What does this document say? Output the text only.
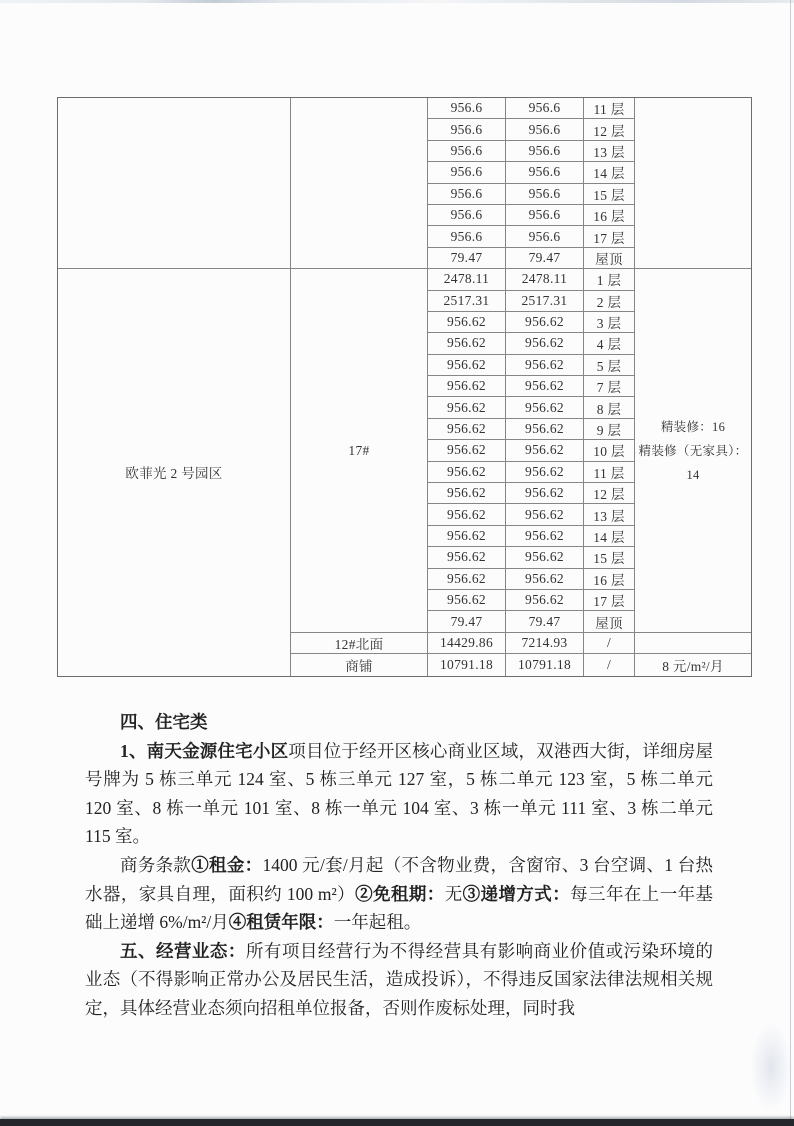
欧菲光 2 号园区
17#
12#北面
商铺
956.6
956.6
956.6
956.6
956.6
956.6
956.6
79.47
2478.11
2517.31
956.62
956.62
956.62
956.62
956.62
956.62
956.62
956.62
956.62
956.62
956.62
956.62
956.62
956.62
79.47
14429.86
10791.18
956.6
956.6
956.6
956.6
956.6
956.6
956.6
79.47
2478.11
2517.31
956.62
956.62
956.62
956.62
956.62
956.62
956.62
956.62
956.62
956.62
956.62
956.62
956.62
956.62
79.47
7214.93
10791.18
11 层
12 层
13 层
14 层
15 层
16 层
17 层
屋顶
1 层
2 层
3 层
4 层
5 层
7 层
8 层
9 层
10 层
11 层
12 层
13 层
14 层
15 层
16 层
17 层
屋顶
/
/
精装修：16
精装修（无家具）：
14
8 元/m²/月

四、住宅类

1、南天金源住宅小区项目位于经开区核心商业区域，双港西大街，详细房屋号牌为 5 栋三单元 124 室、5 栋三单元 127 室，5 栋二单元 123 室，5 栋二单元 120 室、8 栋一单元 101 室、8 栋一单元 104 室、3 栋一单元 111 室、3 栋二单元 115 室。

商务条款①租金：1400 元/套/月起（不含物业费，含窗帘、3 台空调、1 台热水器，家具自理，面积约 100 m²）②免租期：无③递增方式：每三年在上一年基础上递增 6%/m²/月④租赁年限：一年起租。

五、经营业态：所有项目经营行为不得经营具有影响商业价值或污染环境的业态（不得影响正常办公及居民生活，造成投诉），不得违反国家法律法规相关规定，具体经营业态须向招租单位报备，否则作废标处理，同时我
